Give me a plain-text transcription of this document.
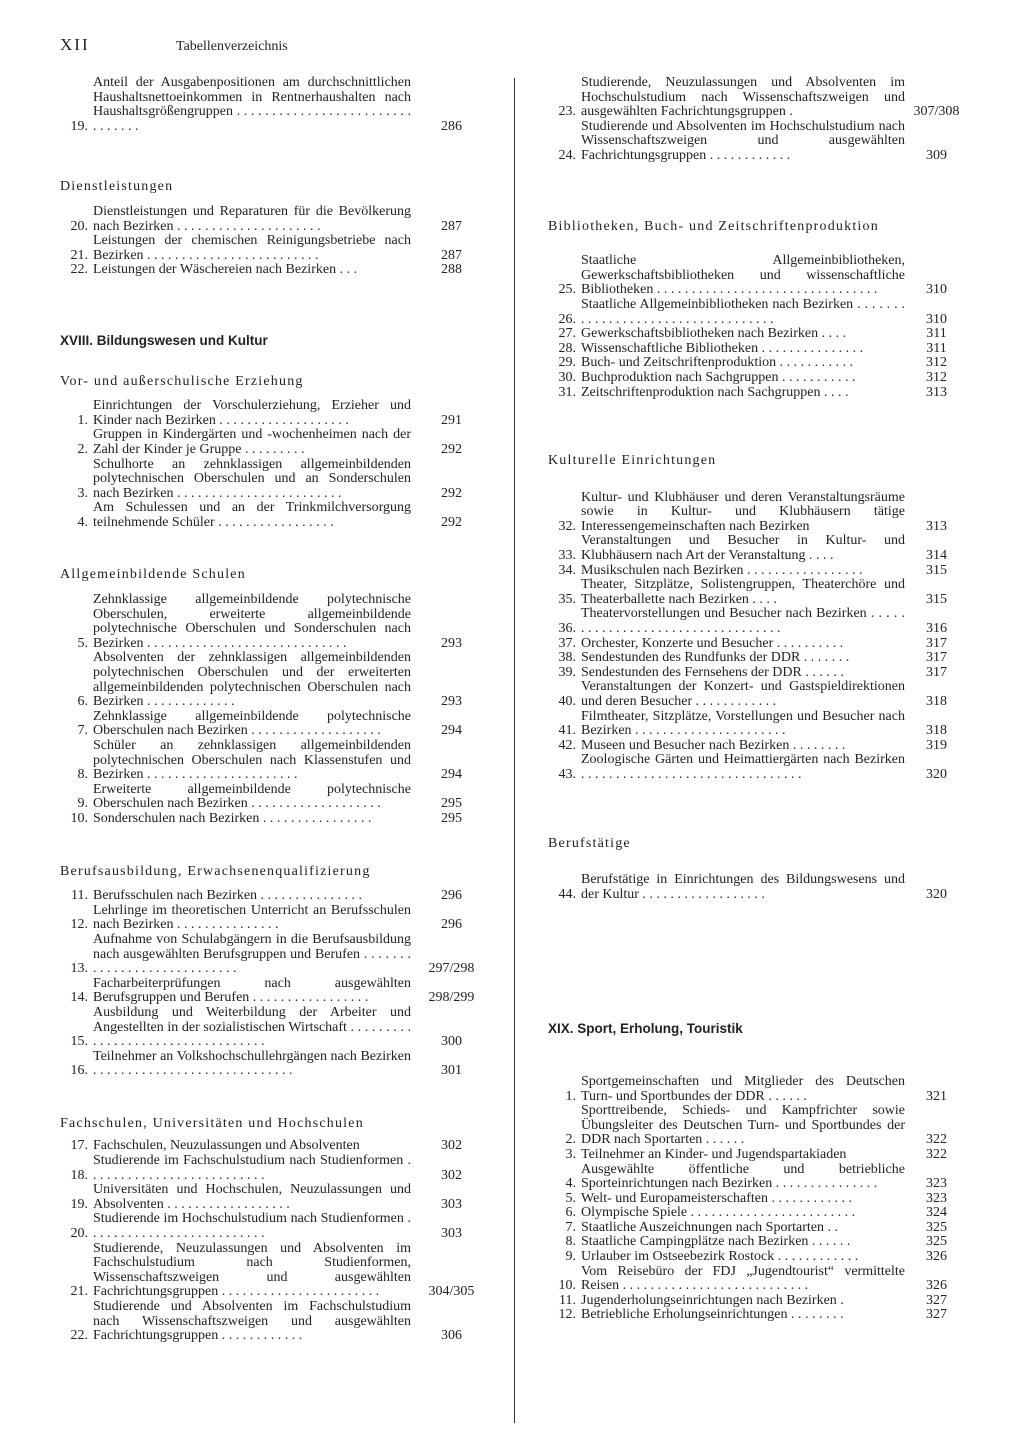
XII	Tabellenverzeichnis
19.
Anteil der Ausgabenpositionen am durchschnittlichen Haushaltsnettoeinkommen in Rentnerhaushalten nach Haushaltsgrößengruppen . . . . . . . . . . . . . . . . . . . . . . . . . . . . . . . .	286
Dienstleistungen
20.
Dienstleistungen und Reparaturen für die Bevölkerung nach Bezirken . . . . . . . . . . . . . . . . . . . . .	287
21.
Leistungen der chemischen Reinigungsbetriebe nach Bezirken . . . . . . . . . . . . . . . . . . . . . . . . .	287
22. Leistungen der Wäschereien nach Bezirken . . .	288
XVIII. Bildungswesen und Kultur
Vor- und außerschulische Erziehung
1.
Einrichtungen der Vorschulerziehung, Erzieher und Kinder nach Bezirken . . . . . . . . . . . . . . . . . . .	291
2.
Gruppen in Kindergärten und -wochenheimen nach der Zahl der Kinder je Gruppe . . . . . . . . .	292
3.
Schulhorte an zehnklassigen allgemeinbildenden polytechnischen Oberschulen und an Sonderschulen nach Bezirken . . . . . . . . . . . . . . . . . . . . . . . .	292
4.
Am Schulessen und an der Trinkmilchversorgung teilnehmende Schüler . . . . . . . . . . . . . . . . .	292
Allgemeinbildende Schulen
5.
Zehnklassige allgemeinbildende polytechnische Oberschulen, erweiterte allgemeinbildende polytechnische Oberschulen und Sonderschulen nach Bezirken . . . . . . . . . . . . . . . . . . . . . . . . . . . . .	293
6.
Absolventen der zehnklassigen allgemeinbildenden polytechnischen Oberschulen und der erweiterten allgemeinbildenden polytechnischen Oberschulen nach Bezirken . . . . . . . . . . . . .	293
7.
Zehnklassige allgemeinbildende polytechnische Oberschulen nach Bezirken . . . . . . . . . . . . . . . . . . .	294
8.
Schüler an zehnklassigen allgemeinbildenden polytechnischen Oberschulen nach Klassenstufen und Bezirken . . . . . . . . . . . . . . . . . . . . . .	294
9.
Erweiterte allgemeinbildende polytechnische Oberschulen nach Bezirken . . . . . . . . . . . . . . . . . . .	295
10. Sonderschulen nach Bezirken . . . . . . . . . . . . . . . .	295
Berufsausbildung, Erwachsenenqualifizierung
11. Berufsschulen nach Bezirken . . . . . . . . . . . . . . .	296
12.
Lehrlinge im theoretischen Unterricht an Berufsschulen nach Bezirken . . . . . . . . . . . . . . .	296
13.
Aufnahme von Schulabgängern in die Berufsausbildung nach ausgewählten Berufsgruppen und Berufen . . . . . . . . . . . . . . . . . . . . . . . . . . . .	297/298
14.
Facharbeiterprüfungen nach ausgewählten Berufsgruppen und Berufen . . . . . . . . . . . . . . . . .	298/299
15.
Ausbildung und Weiterbildung der Arbeiter und Angestellten in der sozialistischen Wirtschaft . . . . . . . . . . . . . . . . . . . . . . . . . . . . . . . . . .	300
16.
Teilnehmer an Volkshochschullehrgängen nach Bezirken . . . . . . . . . . . . . . . . . . . . . . . . . . . . .	301
Fachschulen, Universitäten und Hochschulen
17. Fachschulen, Neuzulassungen und Absolventen	302
18.
Studierende im Fachschulstudium nach Studienformen . . . . . . . . . . . . . . . . . . . . . . . . . .	302
19.
Universitäten und Hochschulen, Neuzulassungen und Absolventen . . . . . . . . . . . . . . . . . .	303
20.
Studierende im Hochschulstudium nach Studienformen . . . . . . . . . . . . . . . . . . . . . . . . . .	303
21.
Studierende, Neuzulassungen und Absolventen im Fachschulstudium nach Studienformen, Wissenschaftszweigen und ausgewählten Fachrichtungsgruppen . . . . . . . . . . . . . . . . . . . . . . .	304/305
22.
Studierende und Absolventen im Fachschulstudium nach Wissenschaftszweigen und ausgewählten Fachrichtungsgruppen . . . . . . . . . . . .	306
23.
Studierende, Neuzulassungen und Absolventen im Hochschulstudium nach Wissenschaftszweigen und ausgewählten Fachrichtungsgruppen .	307/308
24.
Studierende und Absolventen im Hochschulstudium nach Wissenschaftszweigen und ausgewählten Fachrichtungsgruppen . . . . . . . . . . . .	309
Bibliotheken, Buch- und Zeitschriftenproduktion
25.
Staatliche Allgemeinbibliotheken, Gewerkschaftsbibliotheken und wissenschaftliche Bibliotheken . . . . . . . . . . . . . . . . . . . . . . . . . . . . . . . .	310
26.
Staatliche Allgemeinbibliotheken nach Bezirken . . . . . . . . . . . . . . . . . . . . . . . . . . . . . . . . . . .	310
27. Gewerkschaftsbibliotheken nach Bezirken . . . .	311
28. Wissenschaftliche Bibliotheken . . . . . . . . . . . . . . .	311
29. Buch- und Zeitschriftenproduktion . . . . . . . . . . .	312
30. Buchproduktion nach Sachgruppen . . . . . . . . . . .	312
31. Zeitschriftenproduktion nach Sachgruppen . . . .	313
Kulturelle Einrichtungen
32.
Kultur- und Klubhäuser und deren Veranstaltungsräume sowie in Kultur- und Klubhäusern tätige Interessengemeinschaften nach Bezirken	313
33.
Veranstaltungen und Besucher in Kultur- und Klubhäusern nach Art der Veranstaltung . . . .	314
34. Musikschulen nach Bezirken . . . . . . . . . . . . . . . . .	315
35.
Theater, Sitzplätze, Solistengruppen, Theaterchöre und Theaterballette nach Bezirken . . . .	315
36.
Theatervorstellungen und Besucher nach Bezirken . . . . . . . . . . . . . . . . . . . . . . . . . . . . . . . . . .	316
37. Orchester, Konzerte und Besucher . . . . . . . . . .	317
38. Sendestunden des Rundfunks der DDR . . . . . . .	317
39. Sendestunden des Fernsehens der DDR . . . . . .	317
40.
Veranstaltungen der Konzert- und Gastspieldirektionen und deren Besucher . . . . . . . . . . . .	318
41.
Filmtheater, Sitzplätze, Vorstellungen und Besucher nach Bezirken . . . . . . . . . . . . . . . . . . . . . .	318
42. Museen und Besucher nach Bezirken . . . . . . . .	319
43.
Zoologische Gärten und Heimattiergärten nach Bezirken . . . . . . . . . . . . . . . . . . . . . . . . . . . . . . . .	320
Berufstätige
44.
Berufstätige in Einrichtungen des Bildungswesens und der Kultur . . . . . . . . . . . . . . . . . .	320
XIX. Sport, Erholung, Touristik
1.
Sportgemeinschaften und Mitglieder des Deutschen Turn- und Sportbundes der DDR . . . . . .	321
2.
Sporttreibende, Schieds- und Kampfrichter sowie Übungsleiter des Deutschen Turn- und Sportbundes der DDR nach Sportarten . . . . . .	322
3. Teilnehmer an Kinder- und Jugendspartakiaden	322
4.
Ausgewählte öffentliche und betriebliche Sporteinrichtungen nach Bezirken . . . . . . . . . . . . . . .	323
5. Welt- und Europameisterschaften . . . . . . . . . . . .	323
6. Olympische Spiele . . . . . . . . . . . . . . . . . . . . . . . .	324
7. Staatliche Auszeichnungen nach Sportarten . .	325
8. Staatliche Campingplätze nach Bezirken . . . . . .	325
9. Urlauber im Ostseebezirk Rostock . . . . . . . . . . . .	326
10.
Vom Reisebüro der FDJ „Jugendtourist“ vermittelte Reisen . . . . . . . . . . . . . . . . . . . . . . . . . . .	326
11. Jugenderholungseinrichtungen nach Bezirken .	327
12. Betriebliche Erholungseinrichtungen . . . . . . . .	327
